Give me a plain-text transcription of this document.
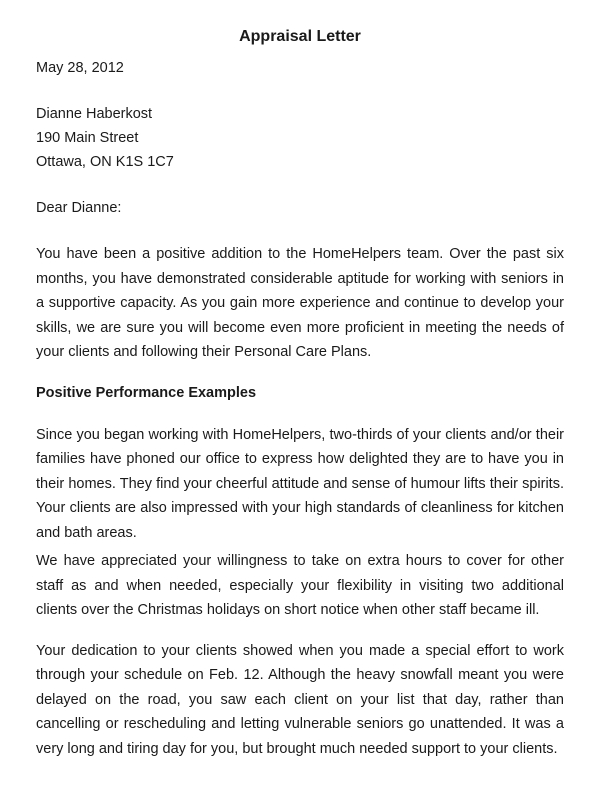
Appraisal Letter

May 28, 2012

Dianne Haberkost

190 Main Street

Ottawa, ON K1S 1C7

Dear Dianne:

You have been a positive addition to the HomeHelpers team. Over the past six months, you have demonstrated considerable aptitude for working with seniors in a supportive capacity. As you gain more experience and continue to develop your skills, we are sure you will become even more proficient in meeting the needs of your clients and following their Personal Care Plans.

Positive Performance Examples

Since you began working with HomeHelpers, two-thirds of your clients and/or their families have phoned our office to express how delighted they are to have you in their homes. They find your cheerful attitude and sense of humour lifts their spirits. Your clients are also impressed with your high standards of cleanliness for kitchen and bath areas.

We have appreciated your willingness to take on extra hours to cover for other staff as and when needed, especially your flexibility in visiting two additional clients over the Christmas holidays on short notice when other staff became ill.

Your dedication to your clients showed when you made a special effort to work through your schedule on Feb. 12. Although the heavy snowfall meant you were delayed on the road, you saw each client on your list that day, rather than cancelling or rescheduling and letting vulnerable seniors go unattended. It was a very long and tiring day for you, but brought much needed support to your clients.
